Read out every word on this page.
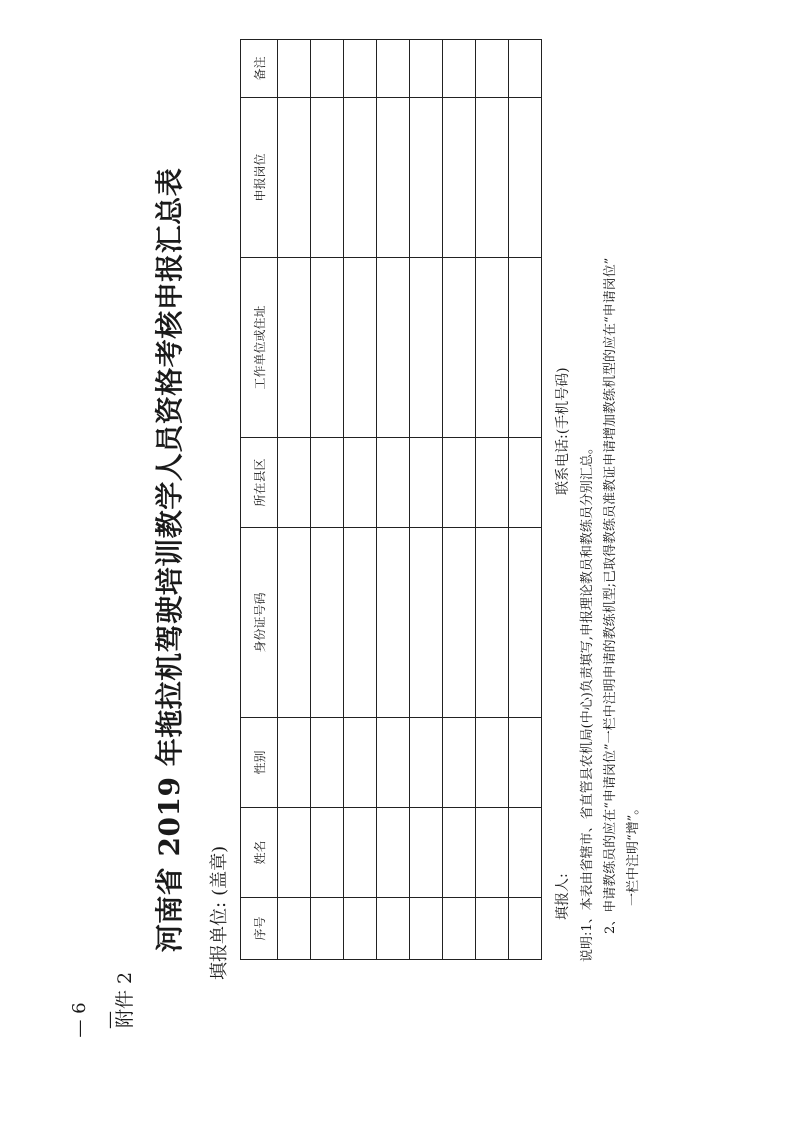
— 6 —
附件 2
河南省 2019 年拖拉机驾驶培训教学人员资格考核申报汇总表 填报单位:(盖章)
序号	姓名	性别	身份证号码	所在县区	工作单位或住址	申报岗位	备注

填报人:
联系电话:(手机号码)
说明:1、本表由省辖市、省直管县农机局(中心)负责填写,申报理论教员和教练员分别汇总。 2、申请教练员的应在“申请岗位”一栏中注明申请的教练机型;已取得教练员准教证申请增加教练机型的应在“申请岗位” 一栏中注明“增”。
